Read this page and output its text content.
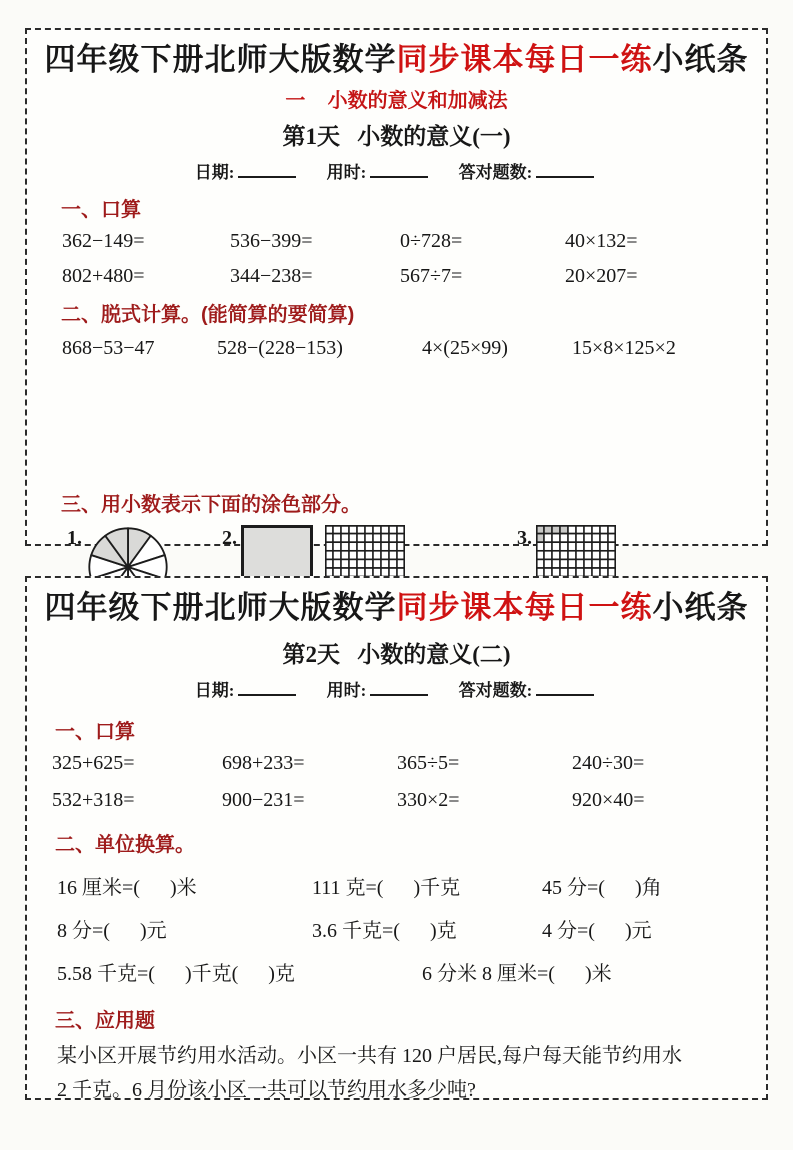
四年级下册北师大版数学同步课本每日一练小纸条
一    小数的意义和加减法
第1天   小数的意义(一)
日期:	用时:	答对题数:
一、口算
362−149=	536−399=	0÷728=	40×132=
802+480=	344−238=	567÷7=	20×207=
二、脱式计算。(能简算的要简算)
868−53−47	528−(228−153)	4×(25×99)	15×8×125×2
三、用小数表示下面的涂色部分。
1.	2.	3.
四年级下册北师大版数学同步课本每日一练小纸条
第2天   小数的意义(二)
日期:	用时:	答对题数:
一、口算
325+625=	698+233=	365÷5=	240÷30=
532+318=	900−231=	330×2=	920×40=
二、单位换算。
16 厘米=(      )米	111 克=(      )千克	45 分=(      )角
8 分=(      )元	3.6 千克=(      )克	4 分=(      )元
5.58 千克=(      )千克(      )克	6 分米 8 厘米=(      )米
三、应用题
某小区开展节约用水活动。小区一共有 120 户居民,每户每天能节约用水
2 千克。6 月份该小区一共可以节约用水多少吨?
